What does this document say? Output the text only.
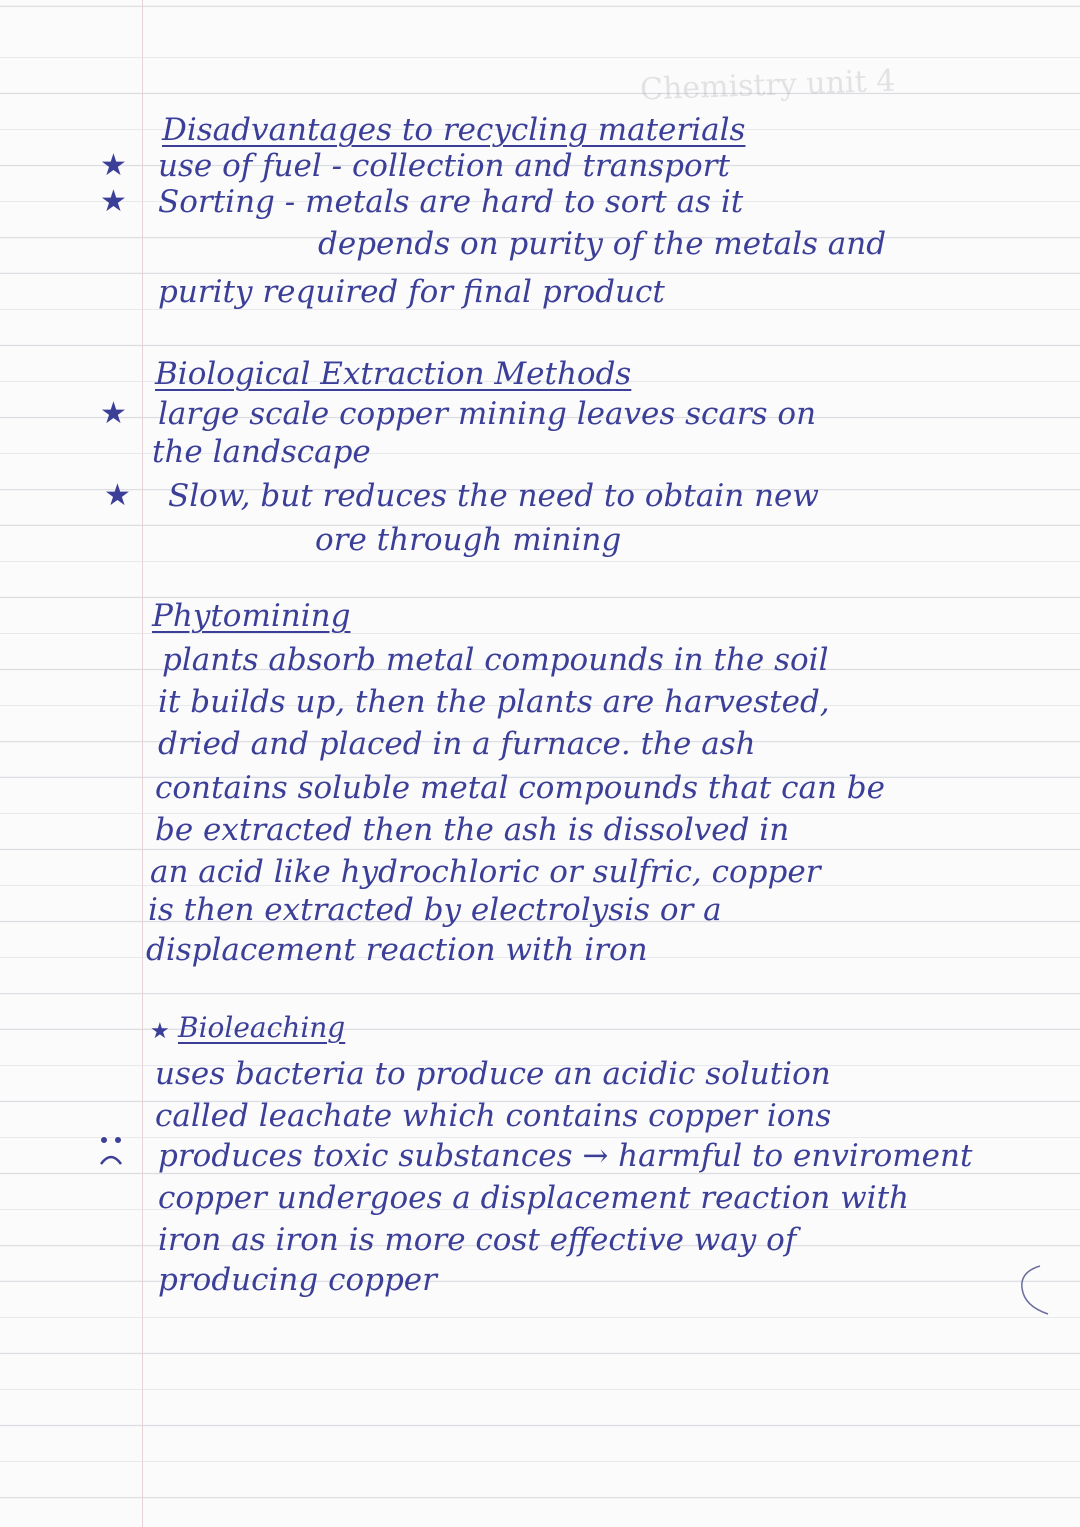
Chemistry unit 4
Disadvantages to recycling materials
★ use of fuel - collection and transport
★ Sorting - metals are hard to sort as it
depends on purity of the metals and
purity required for final product
Biological Extraction Methods
★ large scale copper mining leaves scars on
the landscape
★ Slow, but reduces the need to obtain new
ore through mining
Phytomining
plants absorb metal compounds in the soil
it builds up, then the plants are harvested,
dried and placed in a furnace. the ash
contains soluble metal compounds that can be
be extracted then the ash is dissolved in
an acid like hydrochloric or sulfric, copper
is then extracted by electrolysis or a
displacement reaction with iron
★ Bioleaching
uses bacteria to produce an acidic solution
called leachate which contains copper ions
produces toxic substances → harmful to enviroment
copper undergoes a displacement reaction with
iron as iron is more cost effective way of
producing copper
